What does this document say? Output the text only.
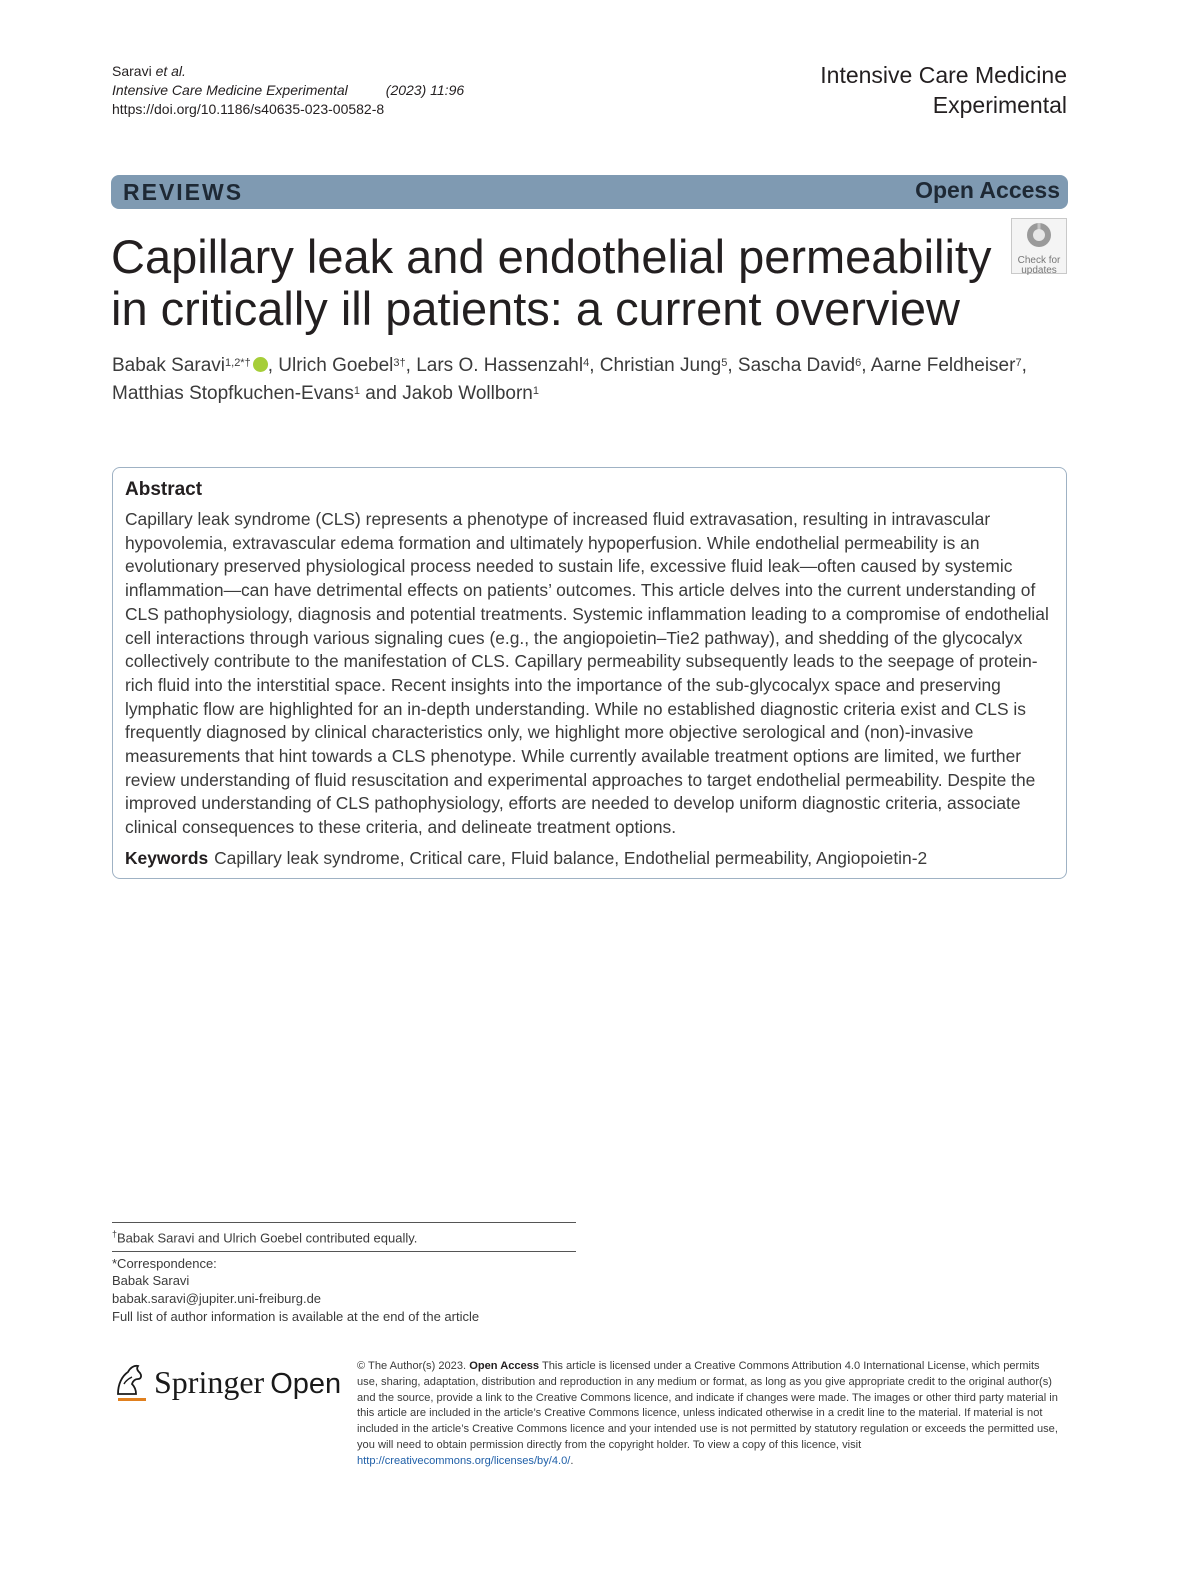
Saravi et al.
Intensive Care Medicine Experimental	(2023) 11:96
https://doi.org/10.1186/s40635-023-00582-8
Intensive Care Medicine
Experimental
REVIEWS	Open Access
Capillary leak and endothelial permeability
in critically ill patients: a current overview
Check for
updates
Babak Saravi$^{1,2*\dagger}$ , Ulrich Goebel$^{3\dagger}$, Lars O. Hassenzahl$^4$, Christian Jung$^5$, Sascha David$^6$, Aarne Feldheiser$^7$,
Matthias Stopfkuchen-Evans$^1$ and Jakob Wollborn$^1$
Abstract
Capillary leak syndrome (CLS) represents a phenotype of increased fluid extravasation, resulting in intravascular hypovolemia, extravascular edema formation and ultimately hypoperfusion. While endothelial permeability is an evolutionary preserved physiological process needed to sustain life, excessive fluid leak—often caused by systemic inflammation—can have detrimental effects on patients’ outcomes. This article delves into the current understanding of CLS pathophysiology, diagnosis and potential treatments. Systemic inflammation leading to a compromise of endothelial cell interactions through various signaling cues (e.g., the angiopoietin–Tie2 pathway), and shedding of the glycocalyx collectively contribute to the manifestation of CLS. Capillary permeability subsequently leads to the seepage of protein-rich fluid into the interstitial space. Recent insights into the importance of the sub-glycocalyx space and preserving lymphatic flow are highlighted for an in-depth understanding. While no established diagnostic criteria exist and CLS is frequently diagnosed by clinical characteristics only, we highlight more objective serological and (non)-invasive measurements that hint towards a CLS phenotype. While currently available treatment options are limited, we further review understanding of fluid resuscitation and experimental approaches to target endothelial permeability. Despite the improved understanding of CLS pathophysiology, efforts are needed to develop uniform diagnostic criteria, associate clinical consequences to these criteria, and delineate treatment options.
Keywords Capillary leak syndrome, Critical care, Fluid balance, Endothelial permeability, Angiopoietin-2
†Babak Saravi and Ulrich Goebel contributed equally.
*Correspondence:
Babak Saravi
babak.saravi@jupiter.uni-freiburg.de
Full list of author information is available at the end of the article
Springer Open
© The Author(s) 2023. Open Access This article is licensed under a Creative Commons Attribution 4.0 International License, which permits use, sharing, adaptation, distribution and reproduction in any medium or format, as long as you give appropriate credit to the original author(s) and the source, provide a link to the Creative Commons licence, and indicate if changes were made. The images or other third party material in this article are included in the article’s Creative Commons licence, unless indicated otherwise in a credit line to the material. If material is not included in the article’s Creative Commons licence and your intended use is not permitted by statutory regulation or exceeds the permitted use, you will need to obtain permission directly from the copyright holder. To view a copy of this licence, visit http://creativecommons.org/licenses/by/4.0/.
